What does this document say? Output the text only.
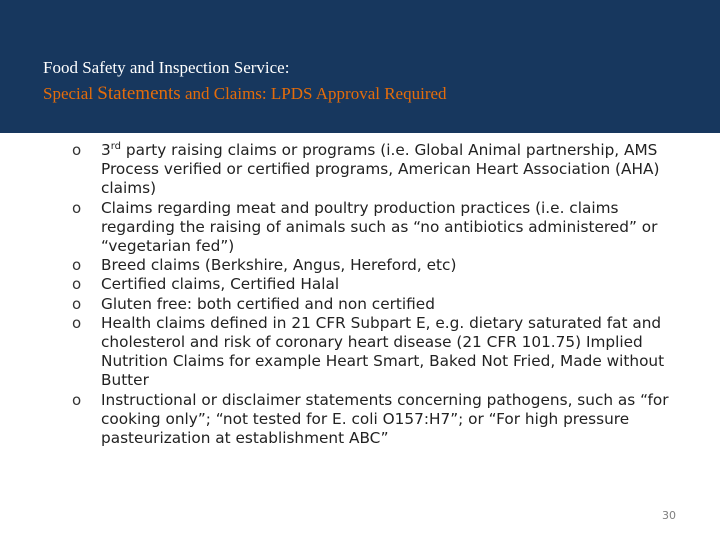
Food Safety and Inspection Service:
Special Statements and Claims: LPDS Approval Required
o 3rd party raising claims or programs (i.e. Global Animal partnership, AMS Process verified or certified programs, American Heart Association (AHA) claims)
o Claims regarding meat and poultry production practices (i.e. claims regarding the raising of animals such as “no antibiotics administered” or “vegetarian fed”)
o Breed claims (Berkshire, Angus, Hereford, etc)
o Certified claims, Certified Halal
o Gluten free: both certified and non certified
o Health claims defined in 21 CFR Subpart E, e.g. dietary saturated fat and cholesterol and risk of coronary heart disease (21 CFR 101.75) Implied Nutrition Claims for example Heart Smart, Baked Not Fried, Made without Butter
o Instructional or disclaimer statements concerning pathogens, such as “for cooking only”; “not tested for E. coli O157:H7”; or “For high pressure pasteurization at establishment ABC”
30
